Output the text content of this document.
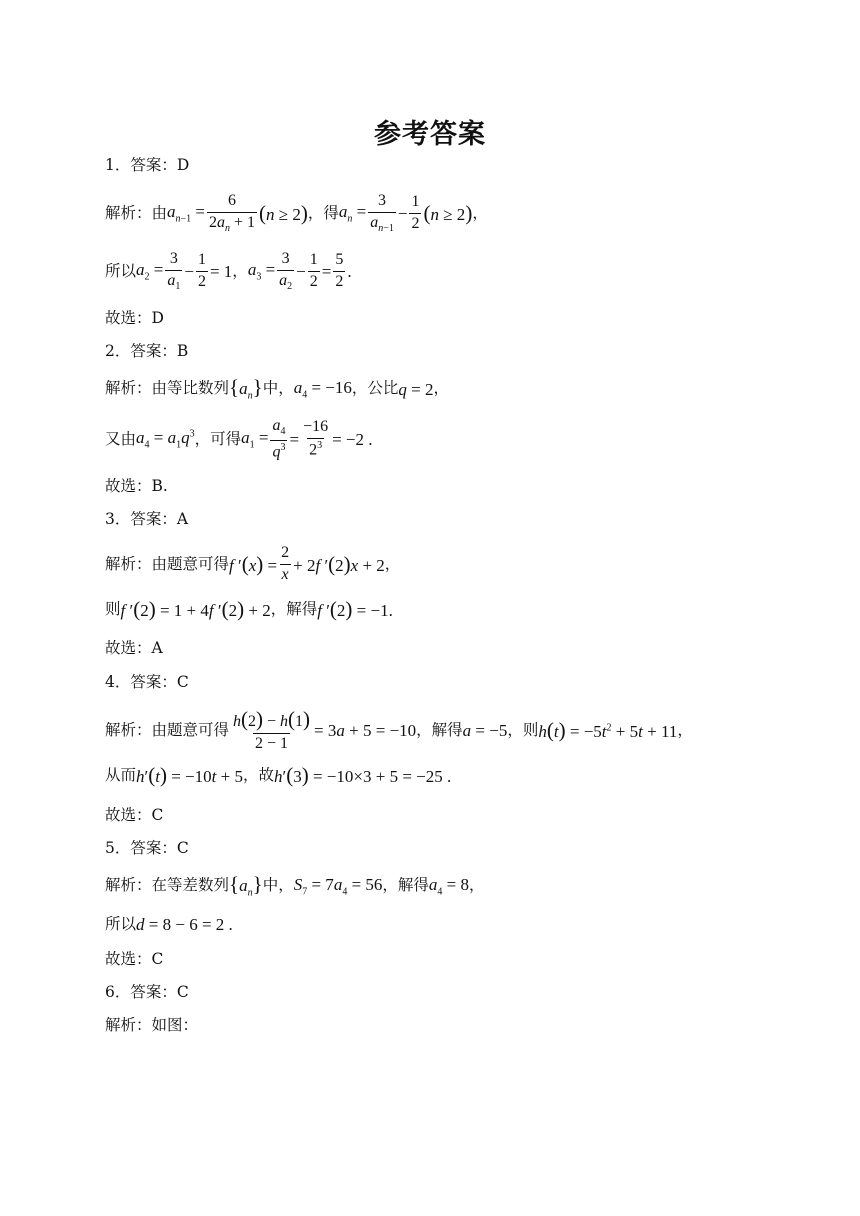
参考答案
1．答案：D
解析：由 $a_{n-1} = \frac{6}{2a_n + 1} (n \ge 2)$ ，得 $a_n = \frac{3}{a_{n-1}} - \frac{1}{2} (n \ge 2)$ ，
所以 $a_2 = \frac{3}{a_1} - \frac{1}{2} = 1$ ， $a_3 = \frac{3}{a_2} - \frac{1}{2} = \frac{5}{2}$ .
故选：D
2．答案：B
解析：由等比数列 $\{a_n\}$ 中， $a_4 = -16$ ，公比 q = 2 ，
又由 $a_4 = a_1q^3$ ，可得 $a_1 = \frac{a_4}{q^3} = \frac{-16}{2^3} = -2$ .
故选：B.
3．答案：A
解析：由题意可得 f $'(x) = \frac{2}{x} + 2f$ ′(2)x + 2 ，
则 f ′(2) = 1 + 4f ′(2) + 2 ，解得 f ′(2) = −1.
故选：A
4．答案：C
解析：由题意可得 $\frac{h(2) - h(1)}{2 - 1} = 3a + 5 = -10$ ，解得 a = −5 ，则 $h(t) = -5t^2 + 5t + 11$ ，
从而 h′(t) = −10t + 5 ，故 h′(3) = −10×3 + 5 = −25 .
故选：C
5．答案：C
解析：在等差数列 $\{a_n\}$ 中， $S_7 = 7a_4 = 56$ ，解得 $a_4 = 8$ ，
所以 d = 8 − 6 = 2 .
故选：C
6．答案：C
解析：如图：
